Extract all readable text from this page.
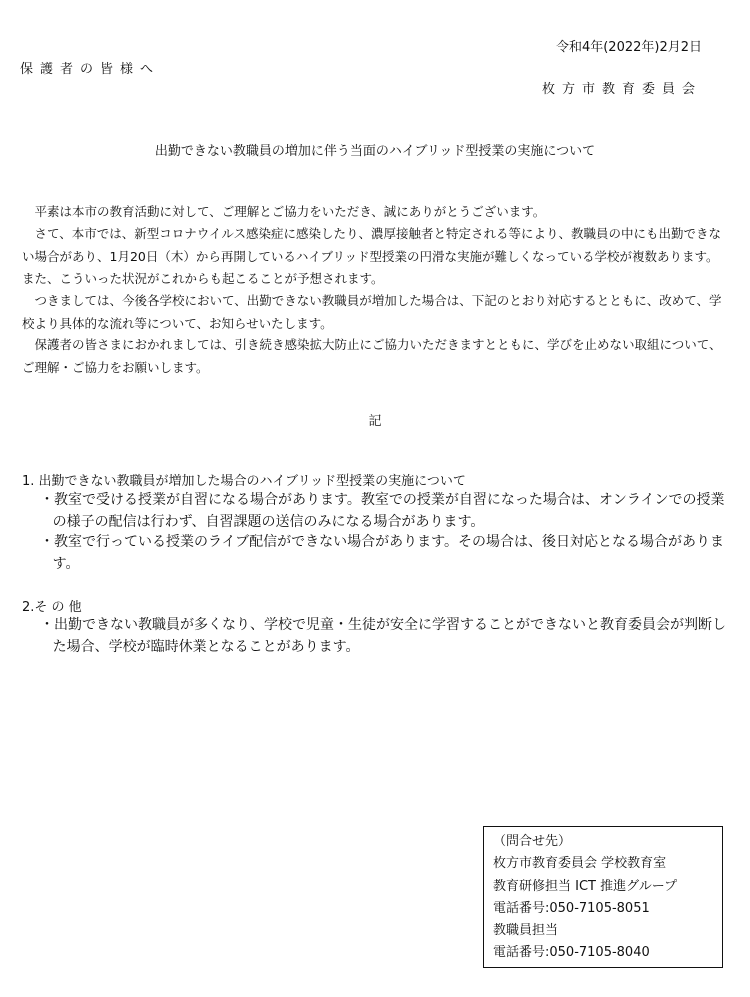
令和4年(2022年)2月2日
保護者の皆様へ
枚方市教育委員会
出勤できない教職員の増加に伴う当面のハイブリッド型授業の実施について
平素は本市の教育活動に対して、ご理解とご協力をいただき、誠にありがとうございます。
さて、本市では、新型コロナウイルス感染症に感染したり、濃厚接触者と特定される等により、教職員の中にも出勤できない場合があり、1月20日（木）から再開しているハイブリッド型授業の円滑な実施が難しくなっている学校が複数あります。また、こういった状況がこれからも起こることが予想されます。
つきましては、今後各学校において、出勤できない教職員が増加した場合は、下記のとおり対応するとともに、改めて、学校より具体的な流れ等について、お知らせいたします。
保護者の皆さまにおかれましては、引き続き感染拡大防止にご協力いただきますとともに、学びを止めない取組について、ご理解・ご協力をお願いします。
記
1. 出勤できない教職員が増加した場合のハイブリッド型授業の実施について
・教室で受ける授業が自習になる場合があります。教室での授業が自習になった場合は、オンラインでの授業の様子の配信は行わず、自習課題の送信のみになる場合があります。
・教室で行っている授業のライブ配信ができない場合があります。その場合は、後日対応となる場合があります。
2.そ の 他
・出勤できない教職員が多くなり、学校で児童・生徒が安全に学習することができないと教育委員会が判断した場合、学校が臨時休業となることがあります。
（問合せ先）
枚方市教育委員会 学校教育室
教育研修担当 ICT 推進グループ
電話番号:050-7105-8051
教職員担当
電話番号:050-7105-8040
